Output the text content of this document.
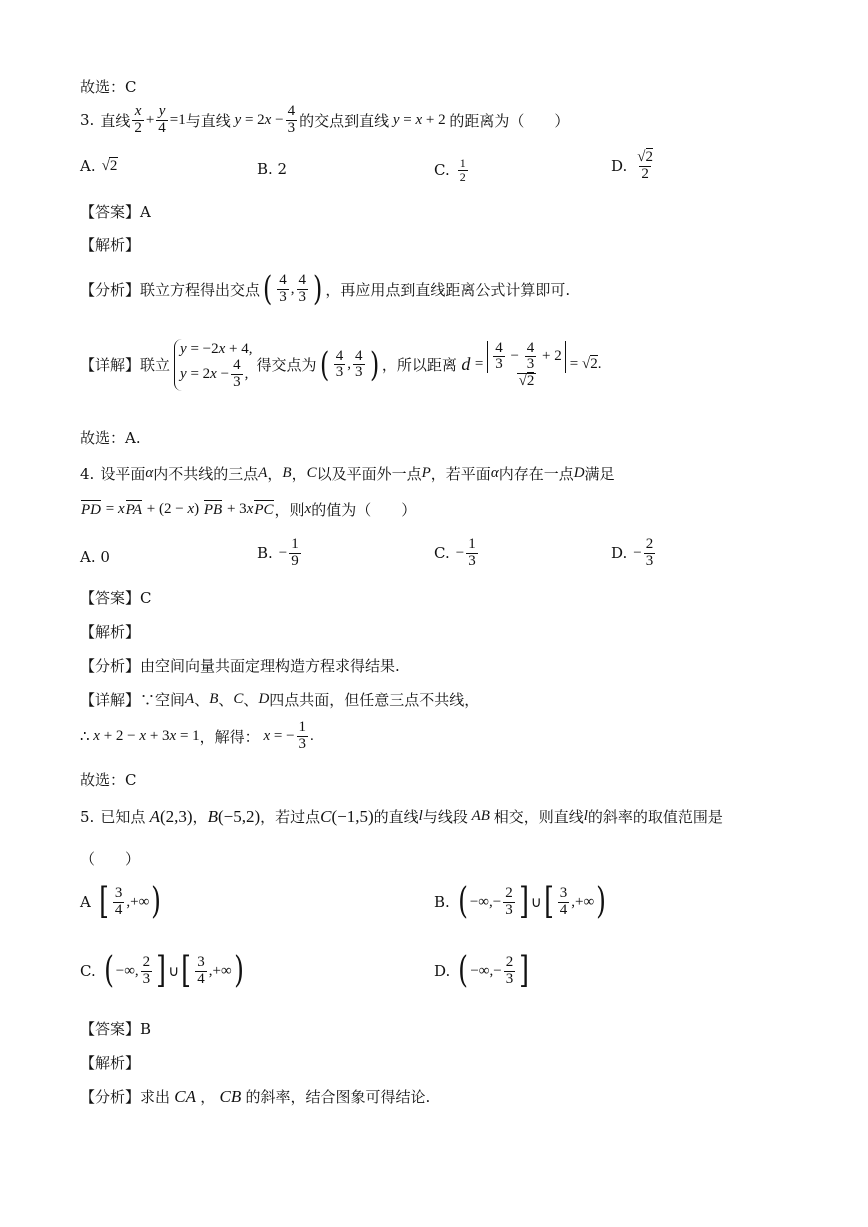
故选：C
3. 直线 $\frac{x}{2} + \frac{y}{4} =1$ 与直线 y = 2 $x - \frac{4}{3}$ 的交点到直线 y = x + 2 的距离为（　　）
A. √ 2	B. 2	C. $\frac{1}{2}$	D. $\frac{√2}{2}$
【答案】A
【解析】
【分析】 联立方程得出交点 ( $\frac{4}{3}$ , $\frac{4}{3}$ ) ，再应用点到直线距离公式计算即可.
【详解】 联立
y = −2x + 4,
y = 2 $x - \frac{4}{3}$ , 得交点为 ( $\frac{4}{3}$ , $\frac{4}{3}$ ) ，所以距离 $d = \frac{\frac{4}{3} - \frac{4}{3} + 2}{√2} = √2$.
故选：A.
4. 设平面 α 内不共线的三点 A ， B ， C 以及平面外一点 P ，若平面 α 内存在一点 D 满足
PD = x PA + (2 − x ) PB + 3 x PC ，则 x 的值为（　　）
A. 0	B. − $\frac{1}{9}$	C. − $\frac{1}{3}$	D. − $\frac{2}{3}$
【答案】C
【解析】
【分析】 由空间向量共面定理构造方程求得结果.
【详解】 ∵空间 A 、 B 、 C 、 D 四点共面，但任意三点不共线，
∴ x + 2 − x + 3 x = 1 ，解得： x = − $\frac{1}{3}$ .
故选：C
5. 已知点 A (2,3) ， B (−5,2) ，若过点 C (−1,5) 的直线 l 与线段 AB 相交，则直线 l 的斜率的取值范围是
（　　）
A [ $\frac{3}{4}$ ,+∞ )	B. ( −∞,− $\frac{2}{3}$ ] ∪ [ $\frac{3}{4}$ ,+∞ )
C. ( −∞, $\frac{2}{3}$ ] ∪ [ $\frac{3}{4}$ ,+∞ )	D. ( −∞,− $\frac{2}{3}$ ]
【答案】B
【解析】
【分析】 求出 CA ， CB 的斜率，结合图象可得结论.
